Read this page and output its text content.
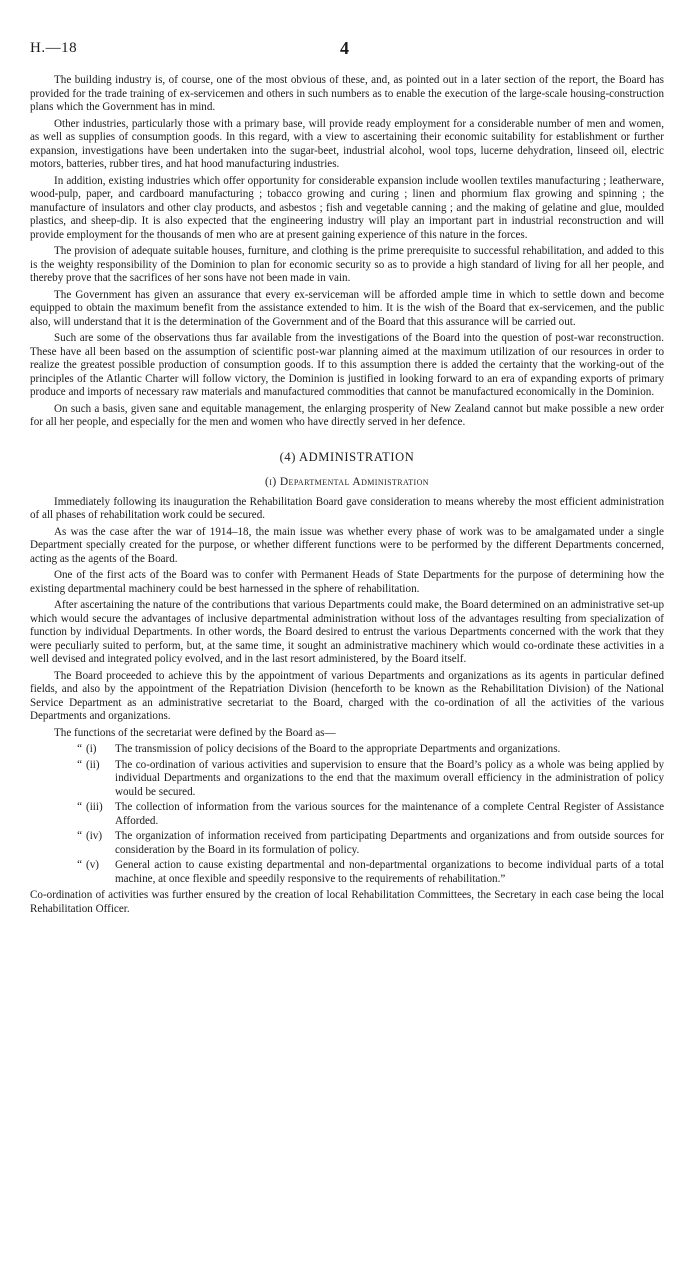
H.—18	4

The building industry is, of course, one of the most obvious of these, and, as pointed out in a later section of the report, the Board has provided for the trade training of ex-servicemen and others in such numbers as to enable the execution of the large-scale housing-construction plans which the Government has in mind.

Other industries, particularly those with a primary base, will provide ready employment for a considerable number of men and women, as well as supplies of consumption goods. In this regard, with a view to ascertaining their economic suitability for establishment or further expansion, investigations have been undertaken into the sugar-beet, industrial alcohol, wool tops, lucerne dehydration, linseed oil, electric motors, batteries, rubber tires, and hat hood manufacturing industries.

In addition, existing industries which offer opportunity for considerable expansion include woollen textiles manufacturing ; leatherware, wood-pulp, paper, and cardboard manufacturing ; tobacco growing and curing ; linen and phormium flax growing and spinning ; the manufacture of insulators and other clay products, and asbestos ; fish and vegetable canning ; and the making of gelatine and glue, moulded plastics, and sheep-dip. It is also expected that the engineering industry will play an important part in industrial reconstruction and will provide employment for the thousands of men who are at present gaining experience of this nature in the forces.

The provision of adequate suitable houses, furniture, and clothing is the prime prerequisite to successful rehabilitation, and added to this is the weighty responsibility of the Dominion to plan for economic security so as to provide a high standard of living for all her people, and thereby prove that the sacrifices of her sons have not been made in vain.

The Government has given an assurance that every ex-serviceman will be afforded ample time in which to settle down and become equipped to obtain the maximum benefit from the assistance extended to him. It is the wish of the Board that ex-servicemen, and the public also, will understand that it is the determination of the Government and of the Board that this assurance will be carried out.

Such are some of the observations thus far available from the investigations of the Board into the question of post-war reconstruction. These have all been based on the assumption of scientific post-war planning aimed at the maximum utilization of our resources in order to realize the greatest possible production of consumption goods. If to this assumption there is added the certainty that the working-out of the principles of the Atlantic Charter will follow victory, the Dominion is justified in looking forward to an era of expanding exports of primary produce and imports of necessary raw materials and manufactured commodities that cannot be manufactured economically in the Dominion.

On such a basis, given sane and equitable management, the enlarging prosperity of New Zealand cannot but make possible a new order for all her people, and especially for the men and women who have directly served in her defence.

(4) ADMINISTRATION
(i) Departmental Administration

Immediately following its inauguration the Rehabilitation Board gave consideration to means whereby the most efficient administration of all phases of rehabilitation work could be secured.

As was the case after the war of 1914–18, the main issue was whether every phase of work was to be amalgamated under a single Department specially created for the purpose, or whether different functions were to be performed by the different Departments concerned, acting as the agents of the Board.

One of the first acts of the Board was to confer with Permanent Heads of State Departments for the purpose of determining how the existing departmental machinery could be best harnessed in the sphere of rehabilitation.

After ascertaining the nature of the contributions that various Departments could make, the Board determined on an administrative set-up which would secure the advantages of inclusive departmental administration without loss of the advantages resulting from specialization of function by individual Departments. In other words, the Board desired to entrust the various Departments concerned with the work that they were peculiarly suited to perform, but, at the same time, it sought an administrative machinery which would co-ordinate these activities in a well devised and integrated policy evolved, and in the last resort administered, by the Board itself.

The Board proceeded to achieve this by the appointment of various Departments and organizations as its agents in particular defined fields, and also by the appointment of the Repatriation Division (henceforth to be known as the Rehabilitation Division) of the National Service Department as an administrative secretariat to the Board, charged with the co-ordination of all the activities of the various Departments and organizations.

The functions of the secretariat were defined by the Board as—

“ (i)	The transmission of policy decisions of the Board to the appropriate Departments and organizations.
“ (ii)	The co-ordination of various activities and supervision to ensure that the Board’s policy as a whole was being applied by individual Departments and organizations to the end that the maximum overall efficiency in the administration of policy would be secured.
“ (iii)	The collection of information from the various sources for the maintenance of a complete Central Register of Assistance Afforded.
“ (iv)	The organization of information received from participating Departments and organizations and from outside sources for consideration by the Board in its formulation of policy.
“ (v)	General action to cause existing departmental and non-departmental organizations to become individual parts of a total machine, at once flexible and speedily responsive to the requirements of rehabilitation.”

Co-ordination of activities was further ensured by the creation of local Rehabilitation Committees, the Secretary in each case being the local Rehabilitation Officer.
